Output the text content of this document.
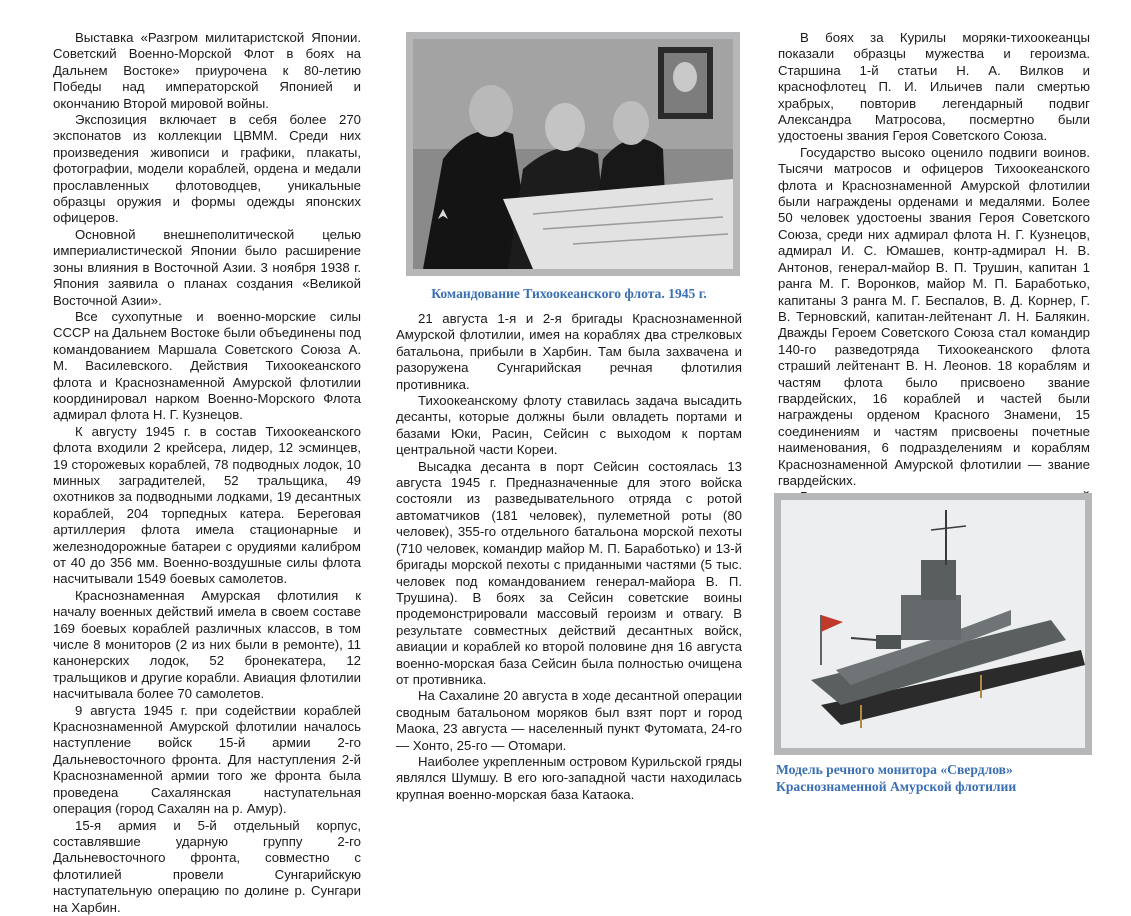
Выставка «Разгром милитаристской Японии. Советский Военно-Морской Флот в боях на Дальнем Востоке» приурочена к 80-летию Победы над императорской Японией и окончанию Второй мировой войны.

Экспозиция включает в себя более 270 экспонатов из коллекции ЦВММ. Среди них произведения живописи и графики, плакаты, фотографии, модели кораблей, ордена и медали прославленных флотоводцев, уникальные образцы оружия и формы одежды японских офицеров.

Основной внешнеполитической целью империалистической Японии было расширение зоны влияния в Восточной Азии. 3 ноября 1938 г. Япония заявила о планах создания «Великой Восточной Азии».

Все сухопутные и военно-морские силы СССР на Дальнем Востоке были объединены под командованием Маршала Советского Союза А. М. Василевского. Действия Тихоокеанского флота и Краснознаменной Амурской флотилии координировал нарком Военно-Морского Флота адмирал флота Н. Г. Кузнецов.

К августу 1945 г. в состав Тихоокеанского флота входили 2 крейсера, лидер, 12 эсминцев, 19 сторожевых кораблей, 78 подводных лодок, 10 минных заградителей, 52 тральщика, 49 охотников за подводными лодками, 19 десантных кораблей, 204 торпедных катера. Береговая артиллерия флота имела стационарные и железнодорожные батареи с орудиями калибром от 40 до 356 мм. Военно-воздушные силы флота насчитывали 1549 боевых самолетов.

Краснознаменная Амурская флотилия к началу военных действий имела в своем составе 169 боевых кораблей различных классов, в том числе 8 мониторов (2 из них были в ремонте), 11 канонерских лодок, 52 бронекатера, 12 тральщиков и другие корабли. Авиация флотилии насчитывала более 70 самолетов.

9 августа 1945 г. при содействии кораблей Краснознаменной Амурской флотилии началось наступление войск 15-й армии 2-го Дальневосточного фронта. Для наступления 2-й Краснознаменной армии того же фронта была проведена Сахалянская наступательная операция (город Сахалян на р. Амур).

15-я армия и 5-й отдельный корпус, составлявшие ударную группу 2-го Дальневосточного фронта, совместно с флотилией провели Сунгарийскую наступательную операцию по долине р. Сунгари на Харбин.

Командование Тихоокеанского флота. 1945 г.

21 августа 1-я и 2-я бригады Краснознаменной Амурской флотилии, имея на кораблях два стрелковых батальона, прибыли в Харбин. Там была захвачена и разоружена Сунгарийская речная флотилия противника.

Тихоокеанскому флоту ставилась задача высадить десанты, которые должны были овладеть портами и базами Юки, Расин, Сейсин с выходом к портам центральной части Кореи.

Высадка десанта в порт Сейсин состоялась 13 августа 1945 г. Предназначенные для этого войска состояли из разведывательного отряда с ротой автоматчиков (181 человек), пулеметной роты (80 человек), 355-го отдельного батальона морской пехоты (710 человек, командир майор М. П. Баработько) и 13-й бригады морской пехоты с приданными частями (5 тыс. человек под командованием генерал-майора В. П. Трушина). В боях за Сейсин советские воины продемонстрировали массовый героизм и отвагу. В результате совместных действий десантных войск, авиации и кораблей ко второй половине дня 16 августа военно-морская база Сейсин была полностью очищена от противника.

На Сахалине 20 августа в ходе десантной операции сводным батальоном моряков был взят порт и город Маока, 23 августа — населенный пункт Футомата, 24-го — Хонто, 25-го — Отомари.

Наиболее укрепленным островом Курильской гряды являлся Шумшу. В его юго-западной части находилась крупная военно-морская база Катаока.

В боях за Курилы моряки-тихоокеанцы показали образцы мужества и героизма. Старшина 1-й статьи Н. А. Вилков и краснофлотец П. И. Ильичев пали смертью храбрых, повторив легендарный подвиг Александра Матросова, посмертно были удостоены звания Героя Советского Союза.

Государство высоко оценило подвиги воинов. Тысячи матросов и офицеров Тихоокеанского флота и Краснознаменной Амурской флотилии были награждены орденами и медалями. Более 50 человек удостоены звания Героя Советского Союза, среди них адмирал флота Н. Г. Кузнецов, адмирал И. С. Юмашев, контр-адмирал Н. В. Антонов, генерал-майор В. П. Трушин, капитан 1 ранга М. Г. Воронков, майор М. П. Баработько, капитаны 3 ранга М. Г. Беспалов, В. Д. Корнер, Г. В. Терновский, капитан-лейтенант Л. Н. Балякин. Дважды Героем Советского Союза стал командир 140-го разведотряда Тихоокеанского флота страший лейтенант В. Н. Леонов. 18 кораблям и частям флота было присвоено звание гвардейских, 16 кораблей и частей были награждены орденом Красного Знамени, 15 соединениям и частям присвоены почетные наименования, 6 подразделениям и кораблям Краснознаменной Амурской флотилии — звание гвардейских.

Модель речного монитора «Свердлов»
Краснознаменной Амурской флотилии
